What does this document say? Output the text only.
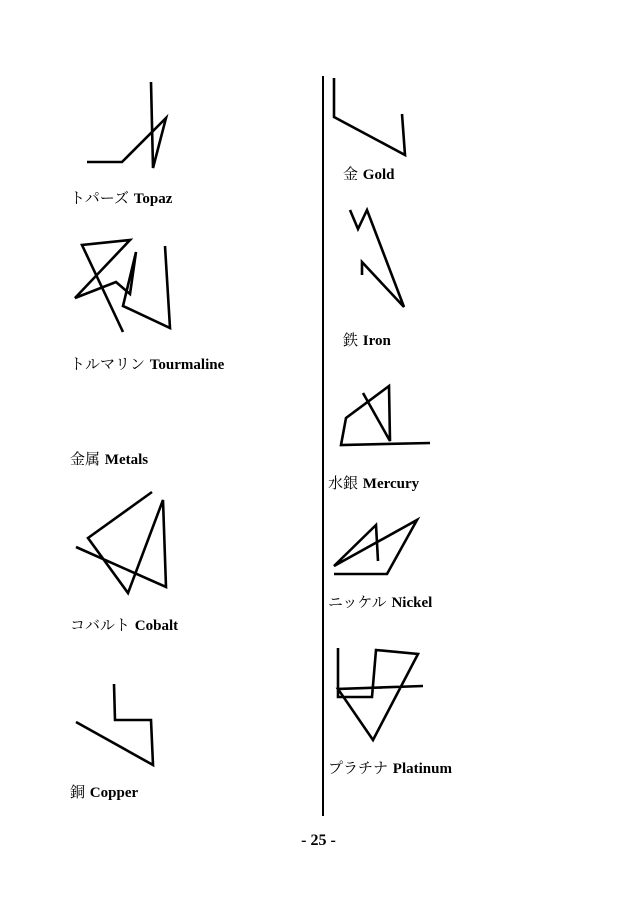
トパーズ Topaz
トルマリン Tourmaline
金属 Metals
コバルト Cobalt
銅 Copper
金 Gold
鉄 Iron
水銀 Mercury
ニッケル Nickel
プラチナ Platinum
- 25 -
